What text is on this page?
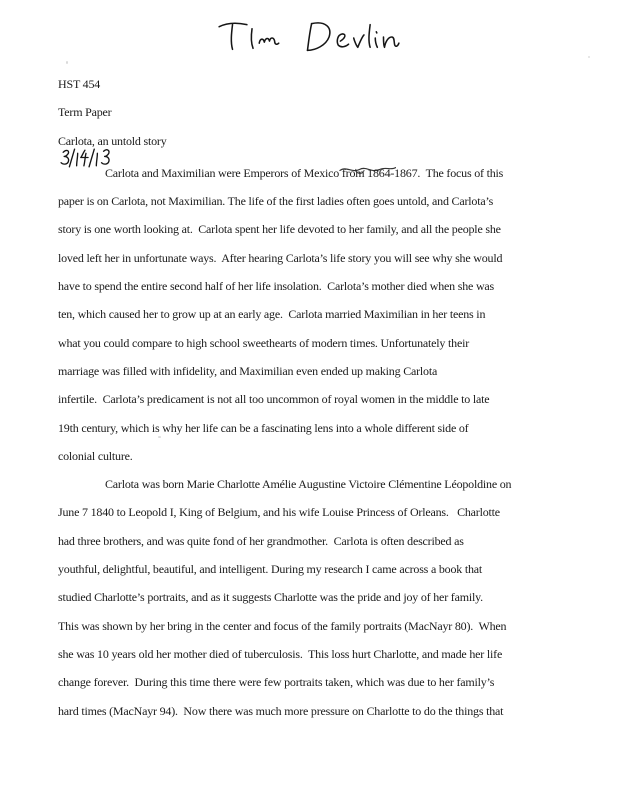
HST 454
Term Paper
Carlota, an untold story
Carlota and Maximilian were Emperors of Mexico from 1864
-1867.  The focus of this
paper is on Carlota, not Maximilian. The life of the first ladies often goes untold, and Carlota’s
story is one worth looking at.  Carlota spent her life devoted to her family, and all the people she
loved left her in unfortunate ways.  After hearing Carlota’s life story you will see why she would
have to spend the entire second half of her life insolation.  Carlota’s mother died when she was
ten, which caused her to grow up at an early age.  Carlota married Maximilian in her teens in
what you could compare to high school sweethearts of modern times. Unfortunately their
marriage was filled with infidelity, and Maximilian even ended up making Carlota
infertile.  Carlota’s predicament is not all too uncommon of royal women in the middle to late
19th century, which is why her life can be a fascinating lens into a whole different side of
colonial culture.
Carlota was born Marie Charlotte Amélie Augustine Victoire Clémentine Léopoldine on
June 7 1840 to Leopold I, King of Belgium, and his wife Louise Princess of Orleans.   Charlotte
had three brothers, and was quite fond of her grandmother.  Carlota is often described as
youthful, delightful, beautiful, and intelligent. During my research I came across a book that
studied Charlotte’s portraits, and as it suggests Charlotte was the pride and joy of her family.
This was shown by her bring in the center and focus of the family portraits (MacNayr 80).  When
she was 10 years old her mother died of tuberculosis.  This loss hurt Charlotte, and made her life
change forever.  During this time there were few portraits taken, which was due to her family’s
hard times (MacNayr 94).  Now there was much more pressure on Charlotte to do the things that
